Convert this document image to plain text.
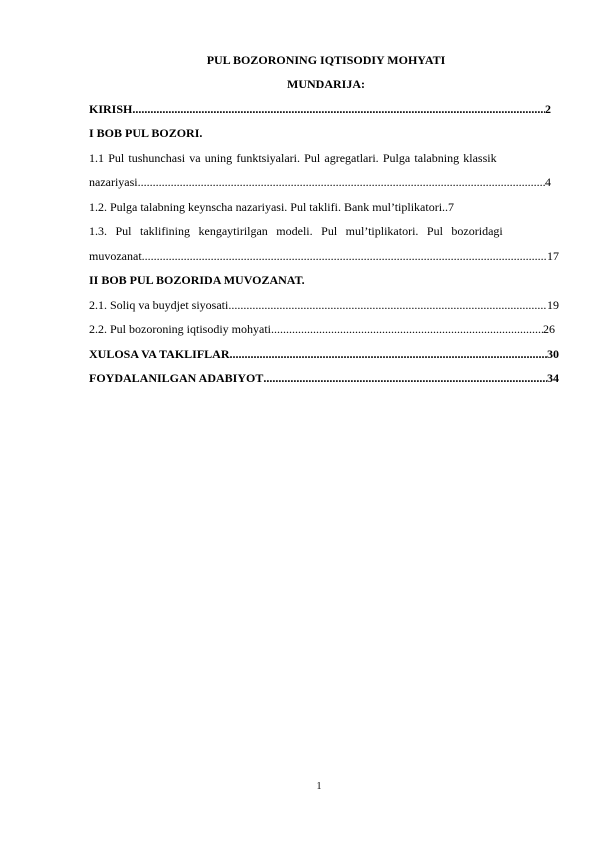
PUL BOZORONING IQTISODIY MOHYATI
MUNDARIJA:
KIRISH .....	2
I BOB PUL BOZORI.
1.1 Pul tushunchasi va uning funktsiyalari. Pul agregatlari. Pulga talabning klassik
nazariyasi .....	4
1.2. Pulga talabning keynscha nazariyasi. Pul taklifi. Bank mul’tiplikatori..7
1.3. Pul taklifining kengaytirilgan modeli. Pul mul’tiplikatori. Pul bozoridagi
muvozanat .....	17
II BOB PUL BOZORIDA MUVOZANAT.
2.1. Soliq va buydjet siyosati .....	19
2.2. Pul bozoroning iqtisodiy mohyati .....	26
XULOSA VA TAKLIFLAR .....	30
FOYDALANILGAN ADABIYOT .....	34
1
